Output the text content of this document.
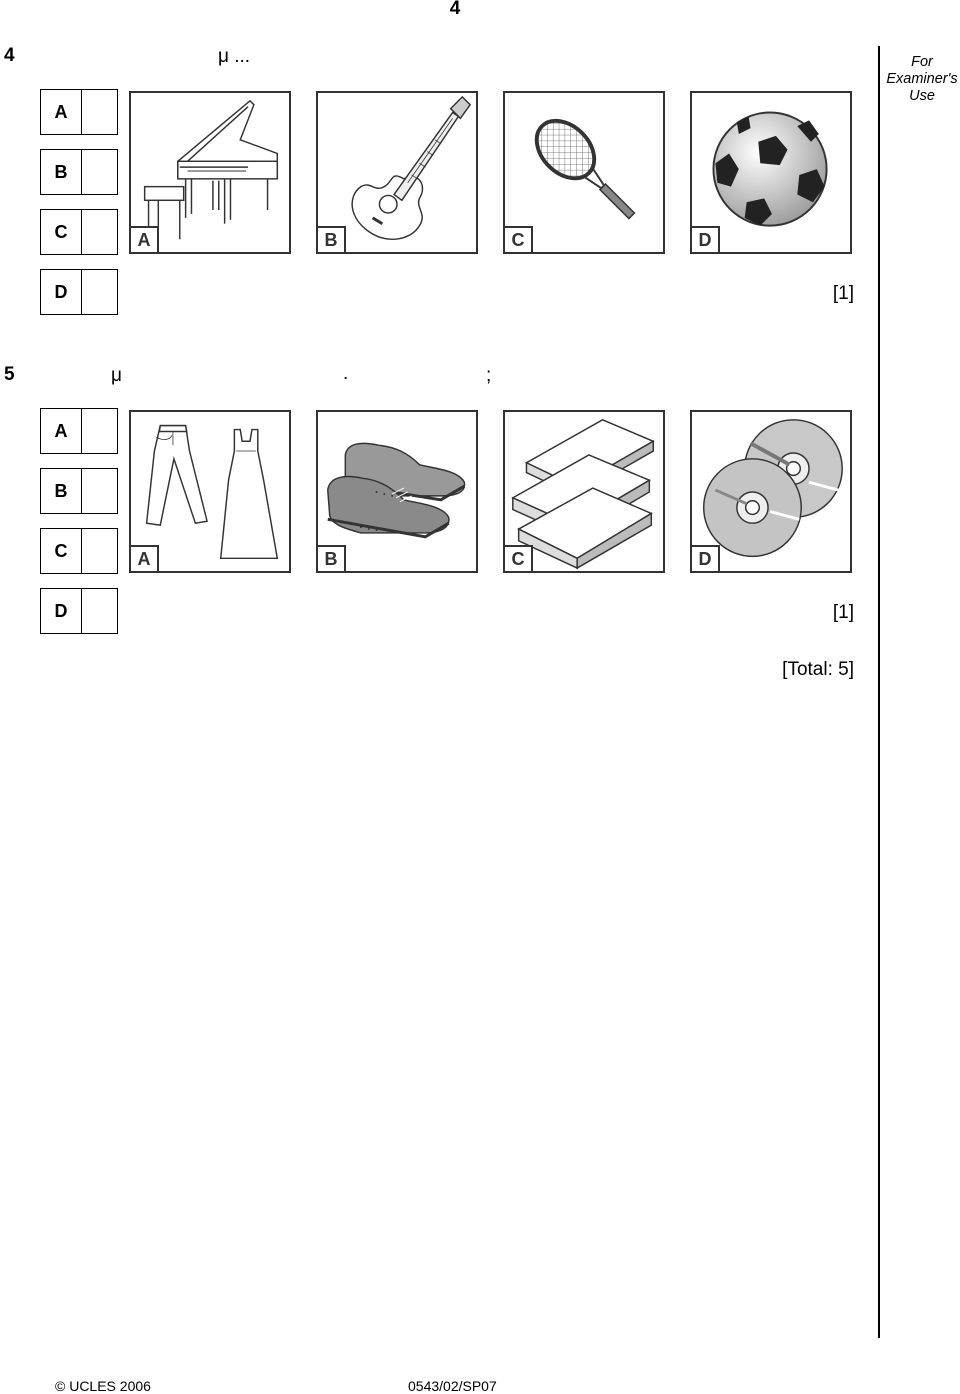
4
For
Examiner's
Use
4	μ ...
A
B
C
D
A	B	C	D
[1]
5	μ	.	;
A
B
C
D
A	B	C	D
[1]
[Total: 5]
© UCLES 2006	0543/02/SP07
